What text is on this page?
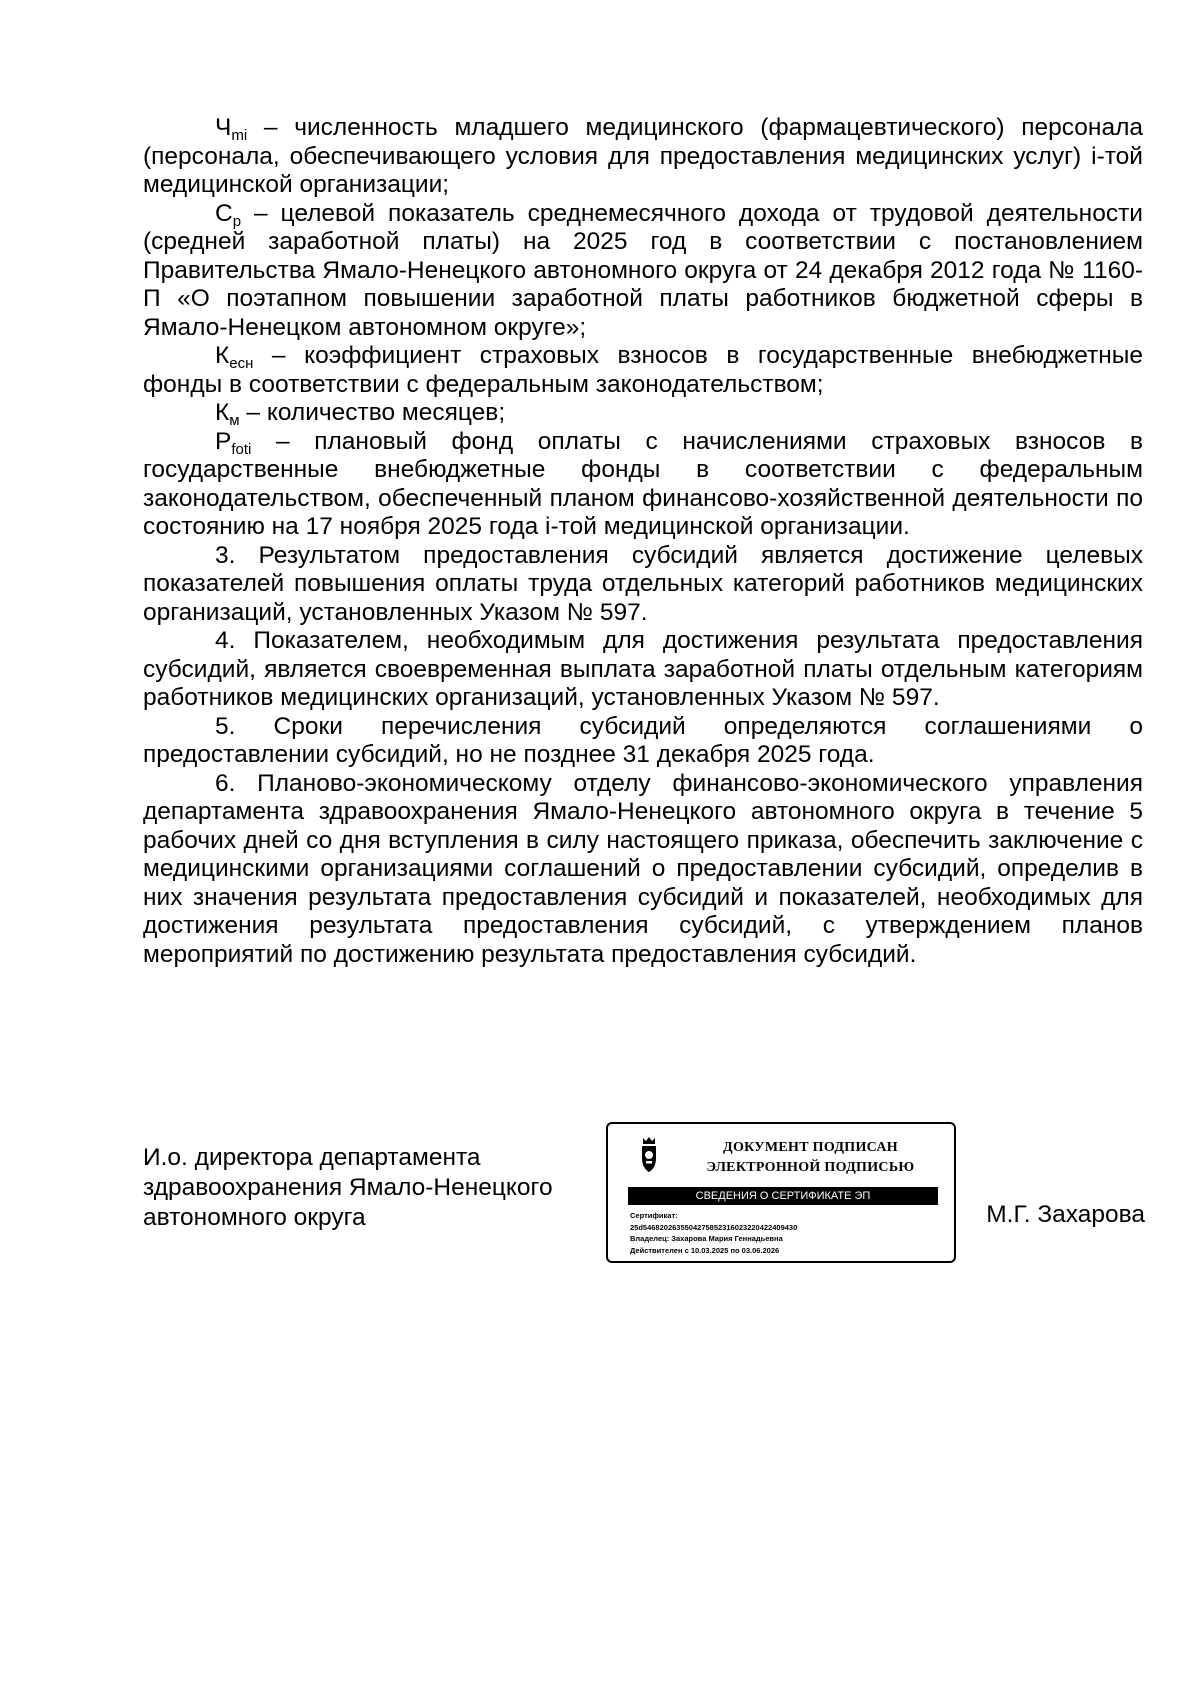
$Ч_{mi}$ – численность младшего медицинского (фармацевтического) персонала (персонала, обеспечивающего условия для предоставления медицинских услуг) i-той медицинской организации;

$С_p$ – целевой показатель среднемесячного дохода от трудовой деятельности (средней заработной платы) на 2025 год в соответствии с постановлением Правительства Ямало-Ненецкого автономного округа от 24 декабря 2012 года № 1160-П «О поэтапном повышении заработной платы работников бюджетной сферы в Ямало-Ненецком автономном округе»;

$К_{есн}$ – коэффициент страховых взносов в государственные внебюджетные фонды в соответствии с федеральным законодательством;

$К_м$ – количество месяцев;

$Р_{foti}$ – плановый фонд оплаты с начислениями страховых взносов в государственные внебюджетные фонды в соответствии с федеральным законодательством, обеспеченный планом финансово-хозяйственной деятельности по состоянию на 17 ноября 2025 года i-той медицинской организации.

3. Результатом предоставления субсидий является достижение целевых показателей повышения оплаты труда отдельных категорий работников медицинских организаций, установленных Указом № 597.

4. Показателем, необходимым для достижения результата предоставления субсидий, является своевременная выплата заработной платы отдельным категориям работников медицинских организаций, установленных Указом № 597.

5. Сроки перечисления субсидий определяются соглашениями о предоставлении субсидий, но не позднее 31 декабря 2025 года.

6. Планово-экономическому отделу финансово-экономического управления департамента здравоохранения Ямало-Ненецкого автономного округа в течение 5 рабочих дней со дня вступления в силу настоящего приказа, обеспечить заключение с медицинскими организациями соглашений о предоставлении субсидий, определив в них значения результата предоставления субсидий и показателей, необходимых для достижения результата предоставления субсидий, с утверждением планов мероприятий по достижению результата предоставления субсидий.

И.о. директора департамента
здравоохранения Ямало-Ненецкого
автономного округа
ДОКУМЕНТ ПОДПИСАН
ЭЛЕКТРОННОЙ ПОДПИСЬЮ
СВЕДЕНИЯ О СЕРТИФИКАТЕ ЭП
Сертификат:
25d5468202635504275852316023220422409430
Владелец: Захарова Мария Геннадьевна
Действителен с 10.03.2025 по 03.06.2026
М.Г. Захарова
